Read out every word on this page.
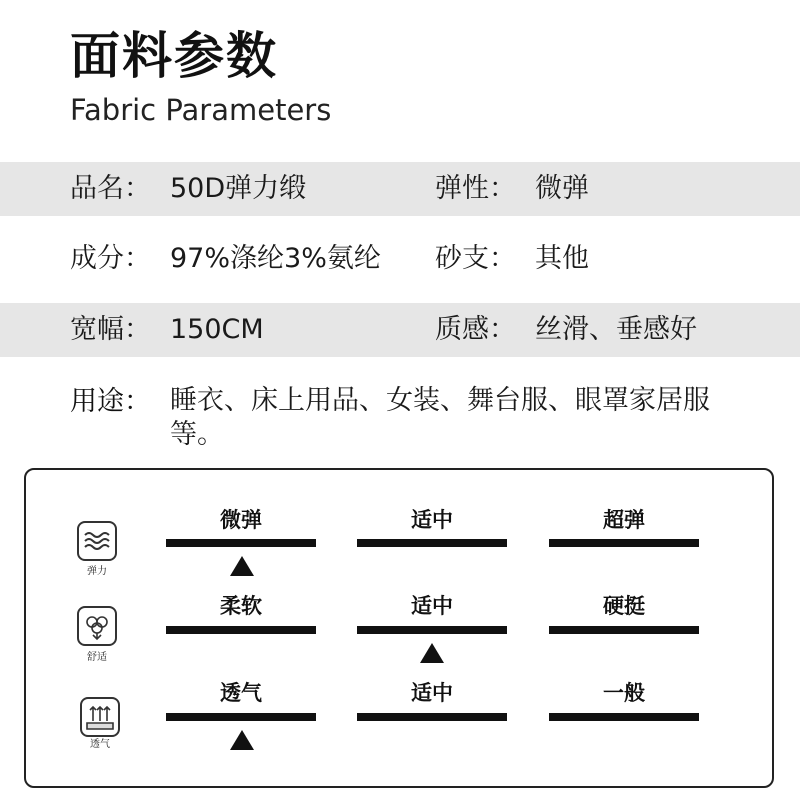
面料参数
Fabric Parameters
品名： 50D弹力缎	弹性： 微弹
成分： 97%涤纶3%氨纶 砂支： 其他
宽幅： 150CM	质感： 丝滑、垂感好
用途： 睡衣、床上用品、女装、舞台服、眼罩家居服等。
弹力
微弹	适中	超弹
舒适
柔软	适中	硬挺
透气
透气	适中	一般
